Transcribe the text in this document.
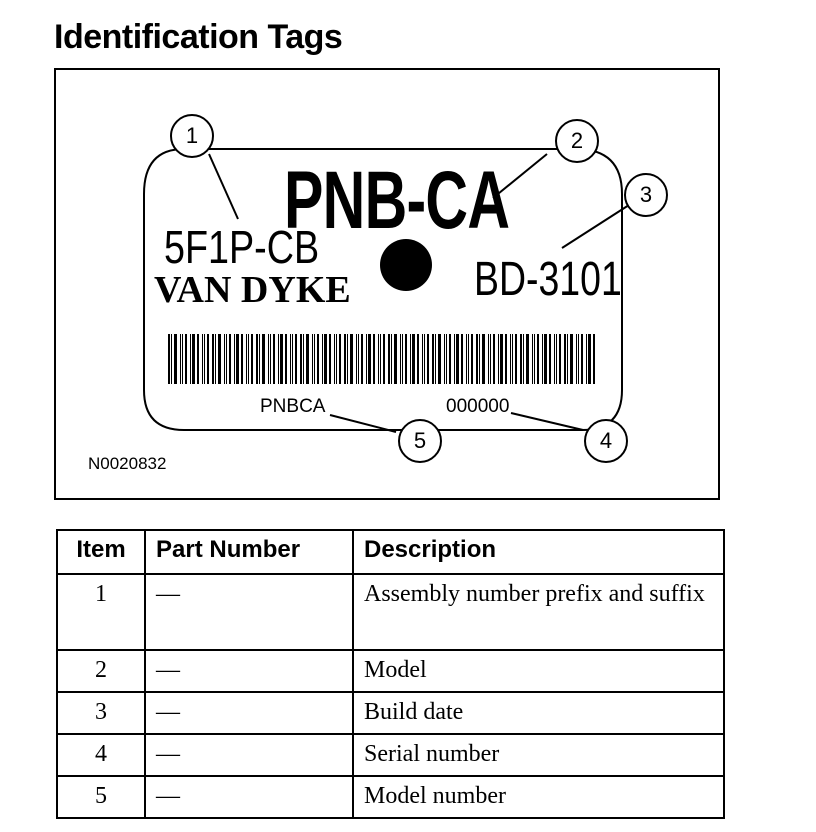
Identification Tags
PNB-CA
5F1P-CB
VAN DYKE	BD-3101
PNBCA	000000
N0020832
1	2
3
4
5
Item	Part Number	Description
1	—	Assembly number prefix and suffix
2	—	Model
3	—	Build date
4	—	Serial number
5	—	Model number
